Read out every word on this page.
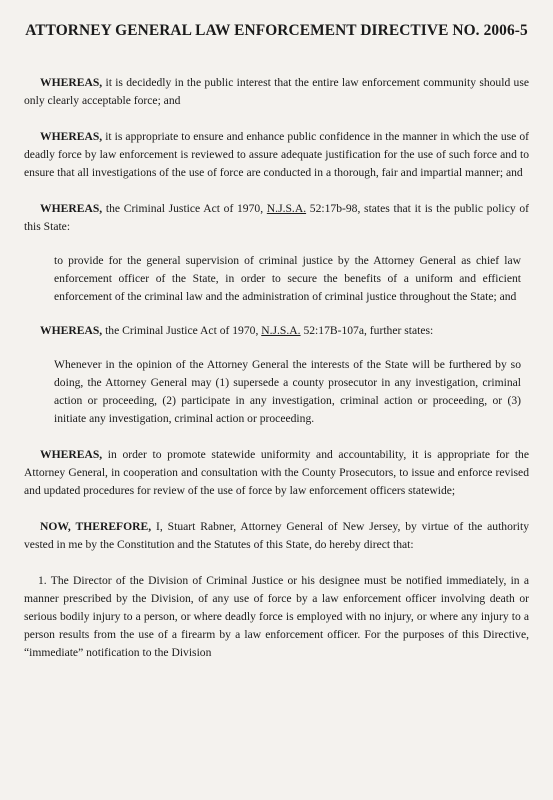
ATTORNEY GENERAL LAW ENFORCEMENT DIRECTIVE NO. 2006-5

WHEREAS, it is decidedly in the public interest that the entire law enforcement community should use only clearly acceptable force; and

WHEREAS, it is appropriate to ensure and enhance public confidence in the manner in which the use of deadly force by law enforcement is reviewed to assure adequate justification for the use of such force and to ensure that all investigations of the use of force are conducted in a thorough, fair and impartial manner; and

WHEREAS, the Criminal Justice Act of 1970, N.J.S.A. 52:17b-98, states that it is the public policy of this State:

to provide for the general supervision of criminal justice by the Attorney General as chief law enforcement officer of the State, in order to secure the benefits of a uniform and efficient enforcement of the criminal law and the administration of criminal justice throughout the State; and

WHEREAS, the Criminal Justice Act of 1970, N.J.S.A. 52:17B-107a, further states:

Whenever in the opinion of the Attorney General the interests of the State will be furthered by so doing, the Attorney General may (1) supersede a county prosecutor in any investigation, criminal action or proceeding, (2) participate in any investigation, criminal action or proceeding, or (3) initiate any investigation, criminal action or proceeding.

WHEREAS, in order to promote statewide uniformity and accountability, it is appropriate for the Attorney General, in cooperation and consultation with the County Prosecutors, to issue and enforce revised and updated procedures for review of the use of force by law enforcement officers statewide;

NOW, THEREFORE, I, Stuart Rabner, Attorney General of New Jersey, by virtue of the authority vested in me by the Constitution and the Statutes of this State, do hereby direct that:

1. The Director of the Division of Criminal Justice or his designee must be notified immediately, in a manner prescribed by the Division, of any use of force by a law enforcement officer involving death or serious bodily injury to a person, or where deadly force is employed with no injury, or where any injury to a person results from the use of a firearm by a law enforcement officer. For the purposes of this Directive, “immediate” notification to the Division
